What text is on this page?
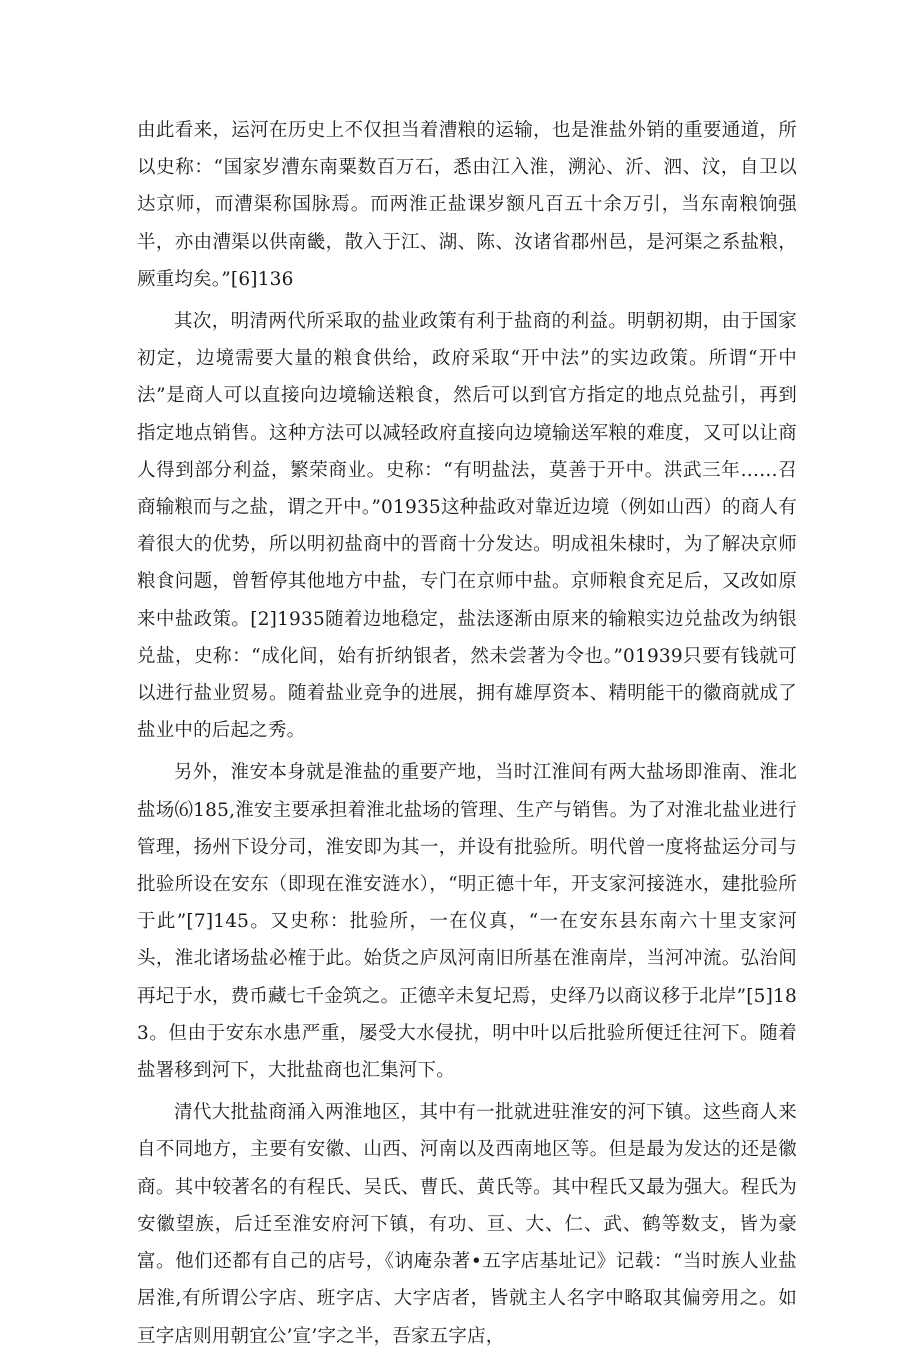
由此看来，运河在历史上不仅担当着漕粮的运输，也是淮盐外销的重要通道，所以史称：“国家岁漕东南粟数百万石，悉由江入淮，溯沁、沂、泗、汶，自卫以达京师，而漕渠称国脉焉。而两淮正盐课岁额凡百五十余万引，当东南粮饷强半，亦由漕渠以供南畿，散入于江、湖、陈、汝诸省郡州邑，是河渠之系盐粮，厥重均矣。”[6]136

其次，明清两代所采取的盐业政策有利于盐商的利益。明朝初期，由于国家初定，边境需要大量的粮食供给，政府采取“开中法”的实边政策。所谓“开中法”是商人可以直接向边境输送粮食，然后可以到官方指定的地点兑盐引，再到指定地点销售。这种方法可以减轻政府直接向边境输送军粮的难度，又可以让商人得到部分利益，繁荣商业。史称：“有明盐法，莫善于开中。洪武三年……召商输粮而与之盐，谓之开中。”01935这种盐政对靠近边境（例如山西）的商人有着很大的优势，所以明初盐商中的晋商十分发达。明成祖朱棣时，为了解决京师粮食问题，曾暂停其他地方中盐，专门在京师中盐。京师粮食充足后，又改如原来中盐政策。[2]1935随着边地稳定，盐法逐渐由原来的输粮实边兑盐改为纳银兑盐，史称：“成化间，始有折纳银者，然未尝著为令也。”01939只要有钱就可以进行盐业贸易。随着盐业竞争的进展，拥有雄厚资本、精明能干的徽商就成了盐业中的后起之秀。

另外，淮安本身就是淮盐的重要产地，当时江淮间有两大盐场即淮南、淮北盐场⑹185,淮安主要承担着淮北盐场的管理、生产与销售。为了对淮北盐业进行管理，扬州下设分司，淮安即为其一，并设有批验所。明代曾一度将盐运分司与批验所设在安东（即现在淮安涟水），“明正德十年，开支家河接涟水，建批验所于此”[7]145。又史称：批验所，一在仪真，“一在安东县东南六十里支家河头，淮北诸场盐必榷于此。始货之庐凤河南旧所基在淮南岸，当河冲流。弘治间再圮于水，费币藏七千金筑之。正德辛未复圮焉，史绎乃以商议移于北岸”[5]183。但由于安东水患严重，屡受大水侵扰，明中叶以后批验所便迁往河下。随着盐署移到河下，大批盐商也汇集河下。

清代大批盐商涌入两淮地区，其中有一批就进驻淮安的河下镇。这些商人来自不同地方，主要有安徽、山西、河南以及西南地区等。但是最为发达的还是徽商。其中较著名的有程氏、吴氏、曹氏、黄氏等。其中程氏又最为强大。程氏为安徽望族，后迁至淮安府河下镇，有功、亘、大、仁、武、鹤等数支，皆为豪富。他们还都有自己的店号，《讷庵杂著•五字店基址记》记载：“当时族人业盐居淮,有所谓公字店、班字店、大字店者，皆就主人名字中略取其偏旁用之。如亘字店则用朝宜公’宣’字之半，吾家五字店，
